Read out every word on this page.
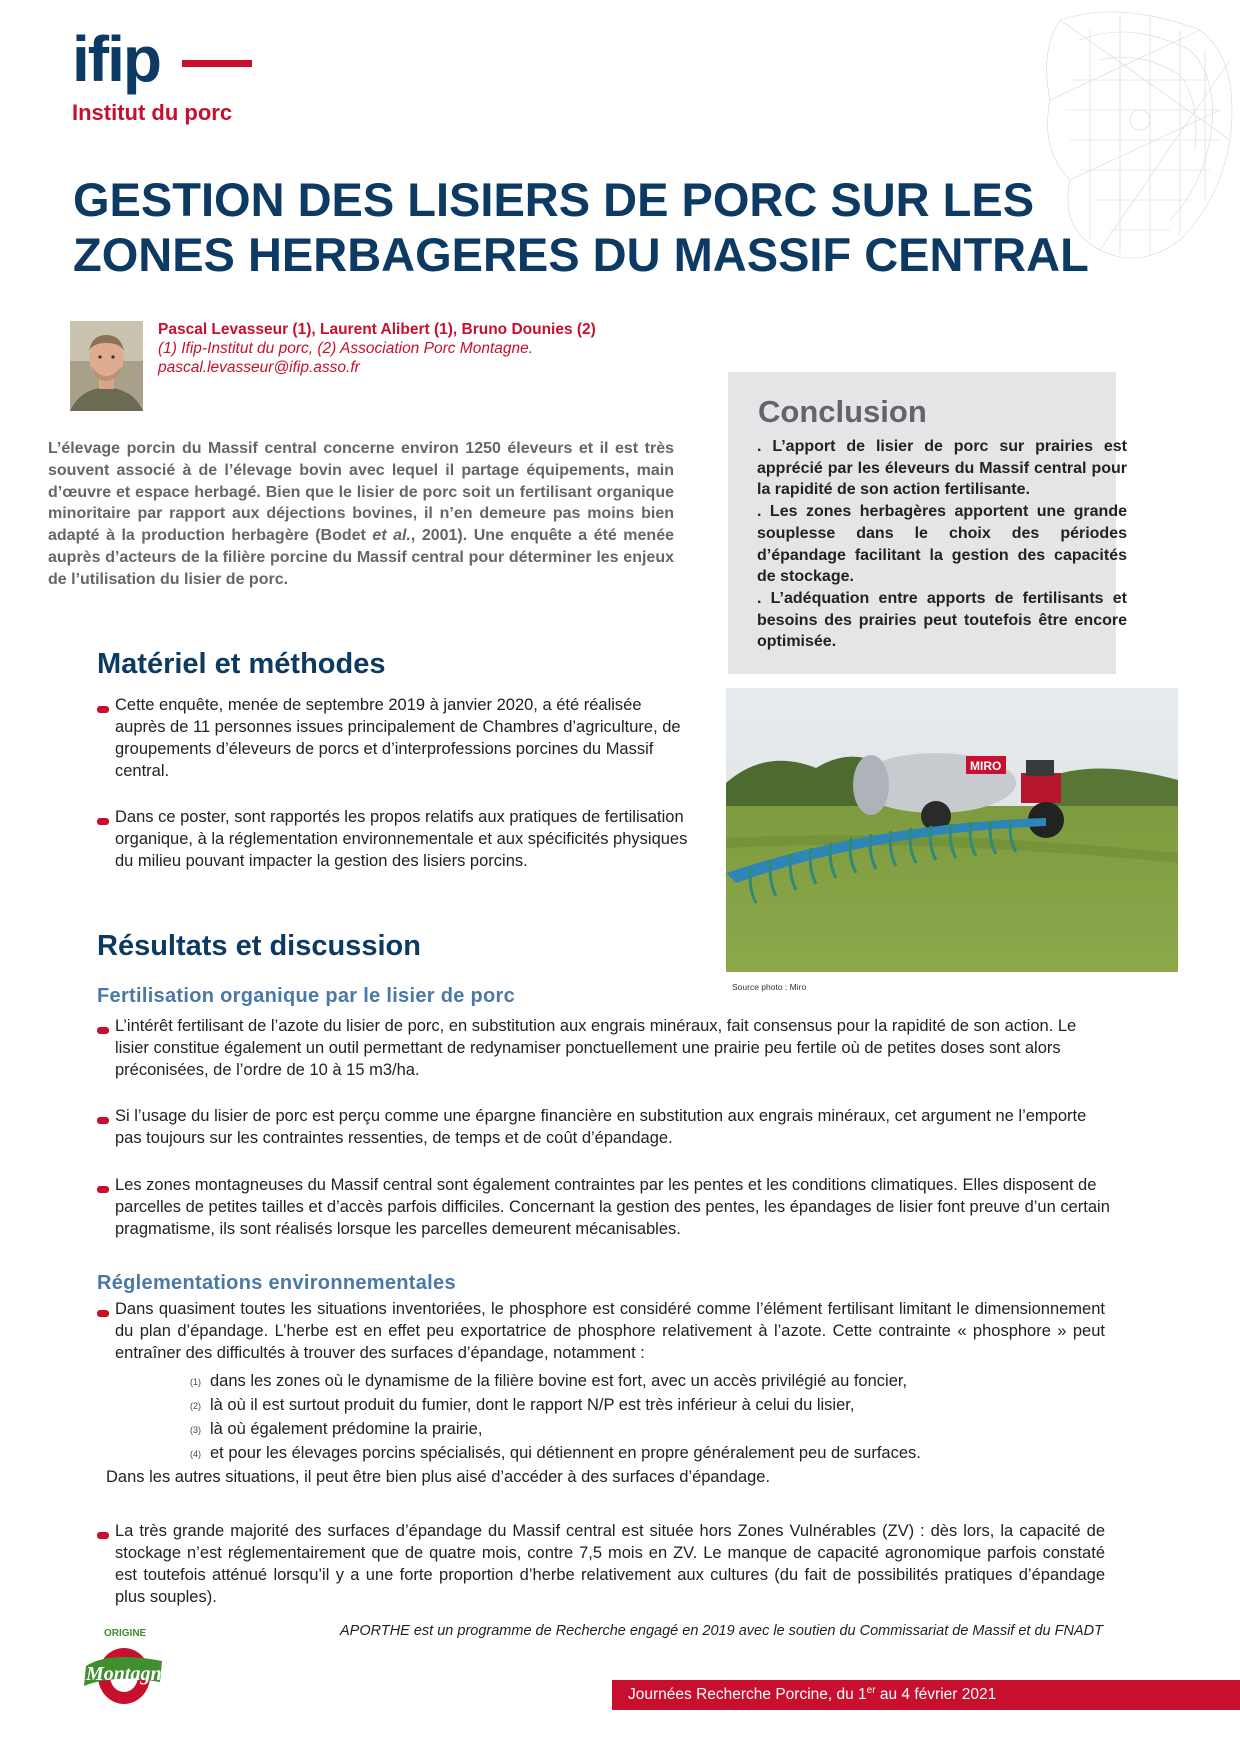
ifip
Institut du porc
GESTION DES LISIERS DE PORC SUR LES
ZONES HERBAGERES DU MASSIF CENTRAL
Pascal Levasseur (1), Laurent Alibert (1), Bruno Dounies (2)
(1) Ifip-Institut du porc, (2) Association Porc Montagne.
pascal.levasseur@ifip.asso.fr
L’élevage porcin du Massif central concerne environ 1250 éleveurs et il est très souvent associé à de l’élevage bovin avec lequel il partage équipements, main d’œuvre et espace herbagé. Bien que le lisier de porc soit un fertilisant organique minoritaire par rapport aux déjections bovines, il n’en demeure pas moins bien adapté à la production herbagère (Bodet et al., 2001). Une enquête a été menée auprès d’acteurs de la filière porcine du Massif central pour déterminer les enjeux de l’utilisation du lisier de porc.
Conclusion
. L’apport de lisier de porc sur prairies est apprécié par les éleveurs du Massif central pour la rapidité de son action fertilisante.
. Les zones herbagères apportent une grande souplesse dans le choix des périodes d’épandage facilitant la gestion des capacités de stockage.
. L’adéquation entre apports de fertilisants et besoins des prairies peut toutefois être encore optimisée.
MIRO
Source photo : Miro
Matériel et méthodes
Cette enquête, menée de septembre 2019 à janvier 2020, a été réalisée auprès de 11 personnes issues principalement de Chambres d’agriculture, de groupements d’éleveurs de porcs et d’interprofessions porcines du Massif central.
Dans ce poster, sont rapportés les propos relatifs aux pratiques de fertilisation organique, à la réglementation environnementale et aux spécificités physiques du milieu pouvant impacter la gestion des lisiers porcins.
Résultats et discussion
Fertilisation organique par le lisier de porc
L’intérêt fertilisant de l’azote du lisier de porc, en substitution aux engrais minéraux, fait consensus pour la rapidité de son action. Le lisier constitue également un outil permettant de redynamiser ponctuellement une prairie peu fertile où de petites doses sont alors préconisées, de l’ordre de 10 à 15 m3/ha.
Si l’usage du lisier de porc est perçu comme une épargne financière en substitution aux engrais minéraux, cet argument ne l’emporte pas toujours sur les contraintes ressenties, de temps et de coût d’épandage.
Les zones montagneuses du Massif central sont également contraintes par les pentes et les conditions climatiques. Elles disposent de parcelles de petites tailles et d’accès parfois difficiles. Concernant la gestion des pentes, les épandages de lisier font preuve d’un certain pragmatisme, ils sont réalisés lorsque les parcelles demeurent mécanisables.
Réglementations environnementales
Dans quasiment toutes les situations inventoriées, le phosphore est considéré comme l’élément fertilisant limitant le dimensionnement du plan d’épandage. L’herbe est en effet peu exportatrice de phosphore relativement à l’azote. Cette contrainte « phosphore » peut entraîner des difficultés à trouver des surfaces d’épandage, notamment :
(1) dans les zones où le dynamisme de la filière bovine est fort, avec un accès privilégié au foncier,
(2) là où il est surtout produit du fumier, dont le rapport N/P est très inférieur à celui du lisier,
(3) là où également prédomine la prairie,
(4) et pour les élevages porcins spécialisés, qui détiennent en propre généralement peu de surfaces.
Dans les autres situations, il peut être bien plus aisé d’accéder à des surfaces d’épandage.
La très grande majorité des surfaces d’épandage du Massif central est située hors Zones Vulnérables (ZV) : dès lors, la capacité de stockage n’est réglementairement que de quatre mois, contre 7,5 mois en ZV. Le manque de capacité agronomique parfois constaté est toutefois atténué lorsqu’il y a une forte proportion d’herbe relativement aux cultures (du fait de possibilités pratiques d’épandage plus souples).
ORIGINE
Montagne
APORTHE est un programme de Recherche engagé en 2019 avec le soutien du Commissariat de Massif et du FNADT
Journées Recherche Porcine, du 1er au 4 février 2021
